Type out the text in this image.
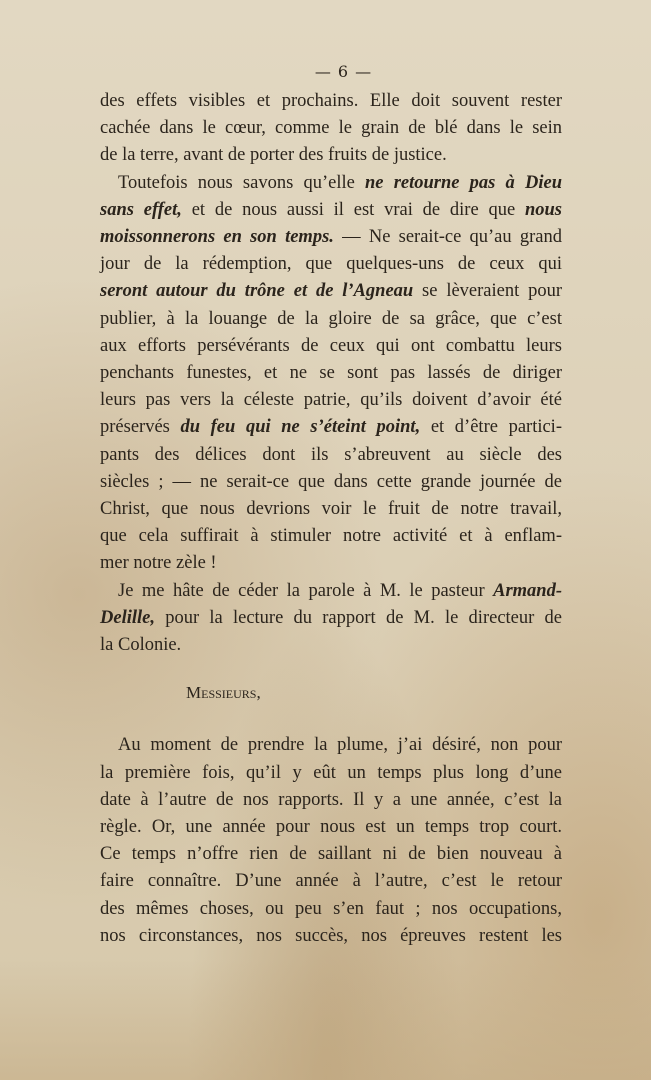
— 6 —
des effets visibles et prochains. Elle doit souvent rester
cachée dans le cœur, comme le grain de blé dans le sein
de la terre, avant de porter des fruits de justice.
Toutefois nous savons qu’elle ne retourne pas à Dieu
sans effet, et de nous aussi il est vrai de dire que nous
moissonnerons en son temps. — Ne serait-ce qu’au grand
jour de la rédemption, que quelques-uns de ceux qui
seront autour du trône et de l’Agneau se lèveraient pour
publier, à la louange de la gloire de sa grâce, que c’est
aux efforts persévérants de ceux qui ont combattu leurs
penchants funestes, et ne se sont pas lassés de diriger
leurs pas vers la céleste patrie, qu’ils doivent d’avoir été
préservés du feu qui ne s’éteint point, et d’être partici-
pants des délices dont ils s’abreuvent au siècle des
siècles ; — ne serait-ce que dans cette grande journée de
Christ, que nous devrions voir le fruit de notre travail,
que cela suffirait à stimuler notre activité et à enflam-
mer notre zèle !
Je me hâte de céder la parole à M. le pasteur Armand-
Delille, pour la lecture du rapport de M. le directeur de
la Colonie.
Messieurs,
Au moment de prendre la plume, j’ai désiré, non pour
la première fois, qu’il y eût un temps plus long d’une
date à l’autre de nos rapports. Il y a une année, c’est la
règle. Or, une année pour nous est un temps trop court.
Ce temps n’offre rien de saillant ni de bien nouveau à
faire connaître. D’une année à l’autre, c’est le retour
des mêmes choses, ou peu s’en faut ; nos occupations,
nos circonstances, nos succès, nos épreuves restent les
